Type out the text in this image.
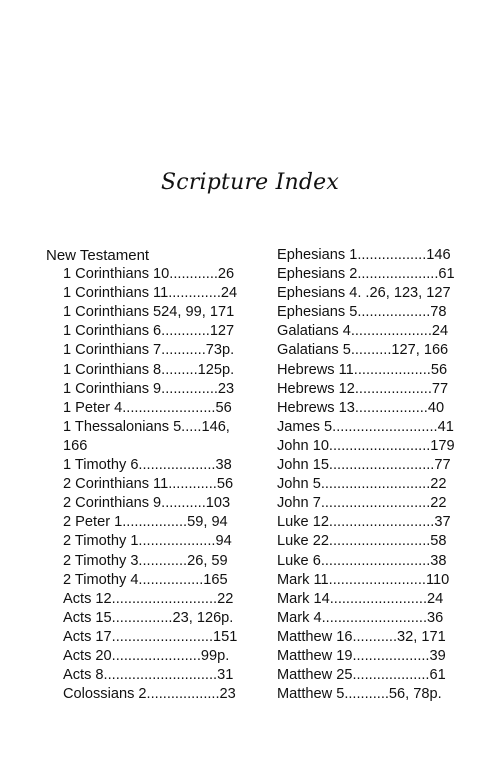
Scripture Index
New Testament
1 Corinthians 10............26
1 Corinthians 11.............24
1 Corinthians 524, 99, 171
1 Corinthians 6............127
1 Corinthians 7...........73p.
1 Corinthians 8.........125p.
1 Corinthians 9..............23
1 Peter 4.......................56
1 Thessalonians 5.....146, 166
1 Timothy 6...................38
2 Corinthians 11............56
2 Corinthians 9...........103
2 Peter 1................59, 94
2 Timothy 1...................94
2 Timothy 3............26, 59
2 Timothy 4................165
Acts 12..........................22
Acts 15...............23, 126p.
Acts 17.........................151
Acts 20......................99p.
Acts 8............................31
Colossians 2..................23
Ephesians 1.................146
Ephesians 2....................61
Ephesians 4. .26, 123, 127
Ephesians 5..................78
Galatians 4....................24
Galatians 5..........127, 166
Hebrews 11...................56
Hebrews 12...................77
Hebrews 13..................40
James 5..........................41
John 10.........................179
John 15..........................77
John 5...........................22
John 7...........................22
Luke 12..........................37
Luke 22.........................58
Luke 6...........................38
Mark 11........................110
Mark 14........................24
Mark 4..........................36
Matthew 16...........32, 171
Matthew 19...................39
Matthew 25...................61
Matthew 5...........56, 78p.
